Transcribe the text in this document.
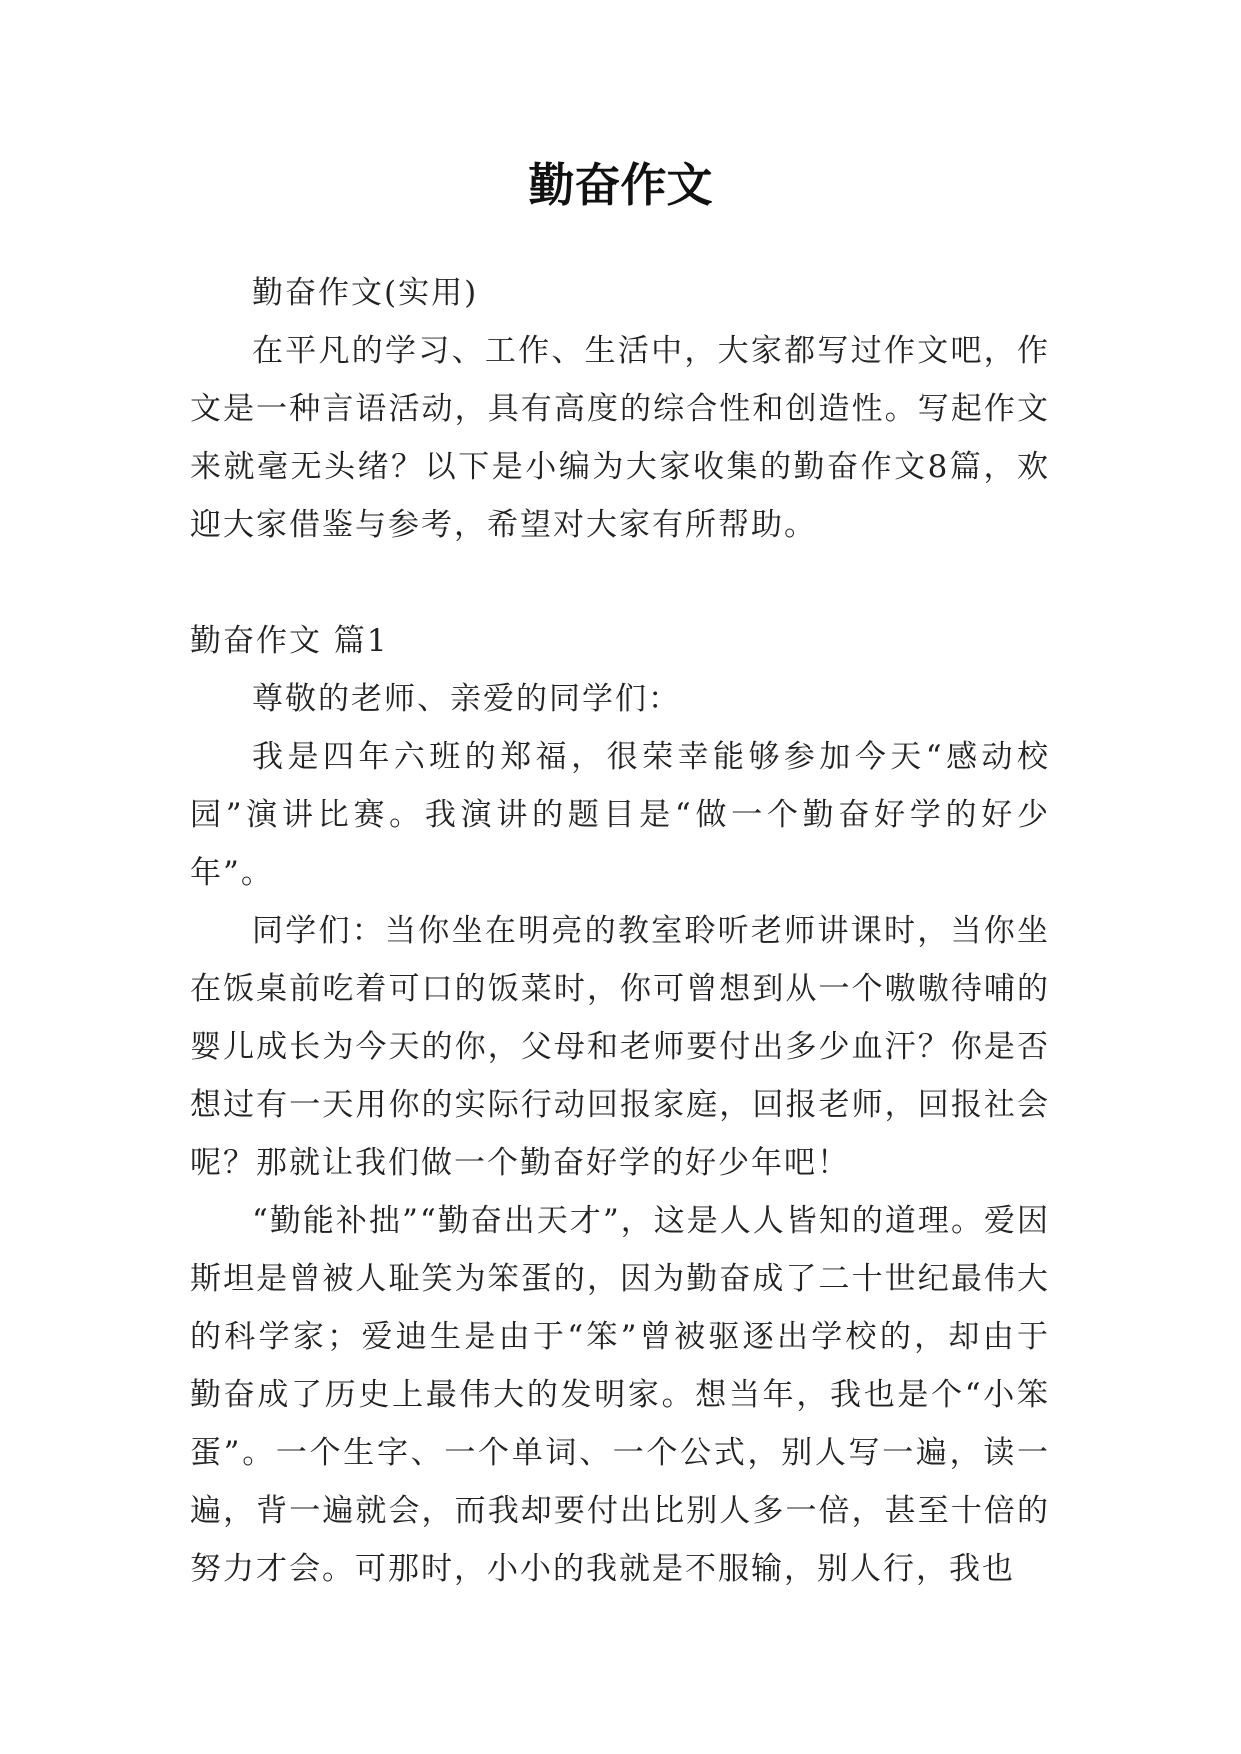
勤奋作文

勤奋作文(实用)

在平凡的学习、工作、生活中，大家都写过作文吧，作文是一种言语活动，具有高度的综合性和创造性。写起作文来就毫无头绪？以下是小编为大家收集的勤奋作文8篇，欢迎大家借鉴与参考，希望对大家有所帮助。

勤奋作文 篇1

尊敬的老师、亲爱的同学们：

我是四年六班的郑福，很荣幸能够参加今天“感动校园”演讲比赛。我演讲的题目是“做一个勤奋好学的好少年”。

同学们：当你坐在明亮的教室聆听老师讲课时，当你坐在饭桌前吃着可口的饭菜时，你可曾想到从一个嗷嗷待哺的婴儿成长为今天的你，父母和老师要付出多少血汗？你是否想过有一天用你的实际行动回报家庭，回报老师，回报社会呢？那就让我们做一个勤奋好学的好少年吧！

“勤能补拙”“勤奋出天才”，这是人人皆知的道理。爱因斯坦是曾被人耻笑为笨蛋的，因为勤奋成了二十世纪最伟大的科学家；爱迪生是由于“笨”曾被驱逐出学校的，却由于勤奋成了历史上最伟大的发明家。想当年，我也是个“小笨蛋”。一个生字、一个单词、一个公式，别人写一遍，读一遍，背一遍就会，而我却要付出比别人多一倍，甚至十倍的努力才会。可那时，小小的我就是不服输，别人行，我也
